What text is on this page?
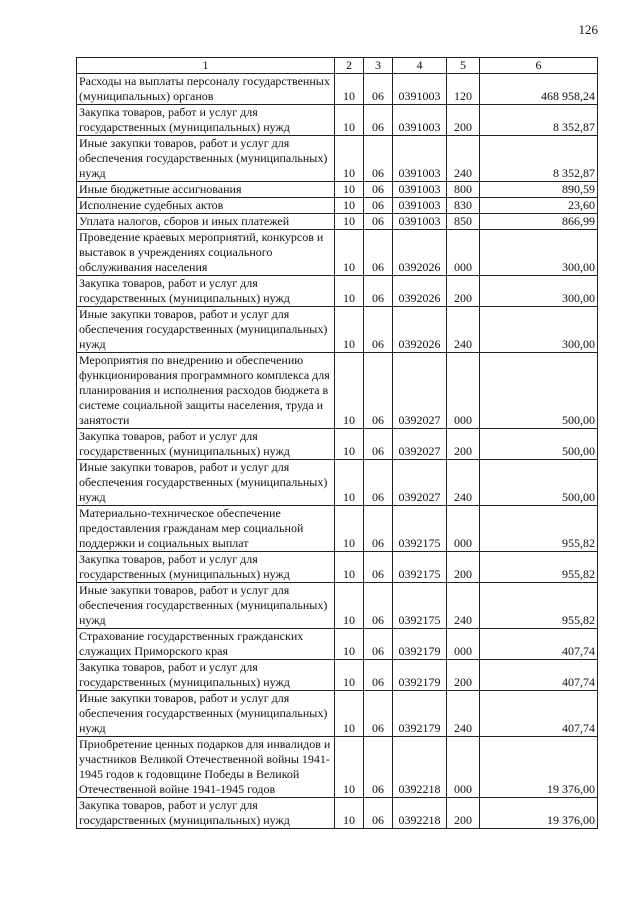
126
1	2	3	4	5	6
Расходы на выплаты персоналу государственных (муниципальных) органов	10	06	0391003	120	468 958,24
Закупка товаров, работ и услуг для государственных (муниципальных) нужд	10	06	0391003	200	8 352,87
Иные закупки товаров, работ и услуг для обеспечения государственных (муниципальных) нужд	10	06	0391003	240	8 352,87
Иные бюджетные ассигнования	10	06	0391003	800	890,59
Исполнение судебных актов	10	06	0391003	830	23,60
Уплата налогов, сборов и иных платежей	10	06	0391003	850	866,99
Проведение краевых мероприятий, конкурсов и выставок в учреждениях социального обслуживания населения	10	06	0392026	000	300,00
Закупка товаров, работ и услуг для государственных (муниципальных) нужд	10	06	0392026	200	300,00
Иные закупки товаров, работ и услуг для обеспечения государственных (муниципальных) нужд	10	06	0392026	240	300,00
Мероприятия по внедрению и обеспечению функционирования программного комплекса для планирования и исполнения расходов бюджета в системе социальной защиты населения, труда и занятости	10	06	0392027	000	500,00
Закупка товаров, работ и услуг для государственных (муниципальных) нужд	10	06	0392027	200	500,00
Иные закупки товаров, работ и услуг для обеспечения государственных (муниципальных) нужд	10	06	0392027	240	500,00
Материально-техническое обеспечение предоставления гражданам мер социальной поддержки и социальных выплат	10	06	0392175	000	955,82
Закупка товаров, работ и услуг для государственных (муниципальных) нужд	10	06	0392175	200	955,82
Иные закупки товаров, работ и услуг для обеспечения государственных (муниципальных) нужд	10	06	0392175	240	955,82
Страхование государственных гражданских служащих Приморского края	10	06	0392179	000	407,74
Закупка товаров, работ и услуг для государственных (муниципальных) нужд	10	06	0392179	200	407,74
Иные закупки товаров, работ и услуг для обеспечения государственных (муниципальных) нужд	10	06	0392179	240	407,74
Приобретение ценных подарков для инвалидов и участников Великой Отечественной войны 1941-1945 годов к годовщине Победы в Великой Отечественной войне 1941-1945 годов	10	06	0392218	000	19 376,00
Закупка товаров, работ и услуг для государственных (муниципальных) нужд	10	06	0392218	200	19 376,00
